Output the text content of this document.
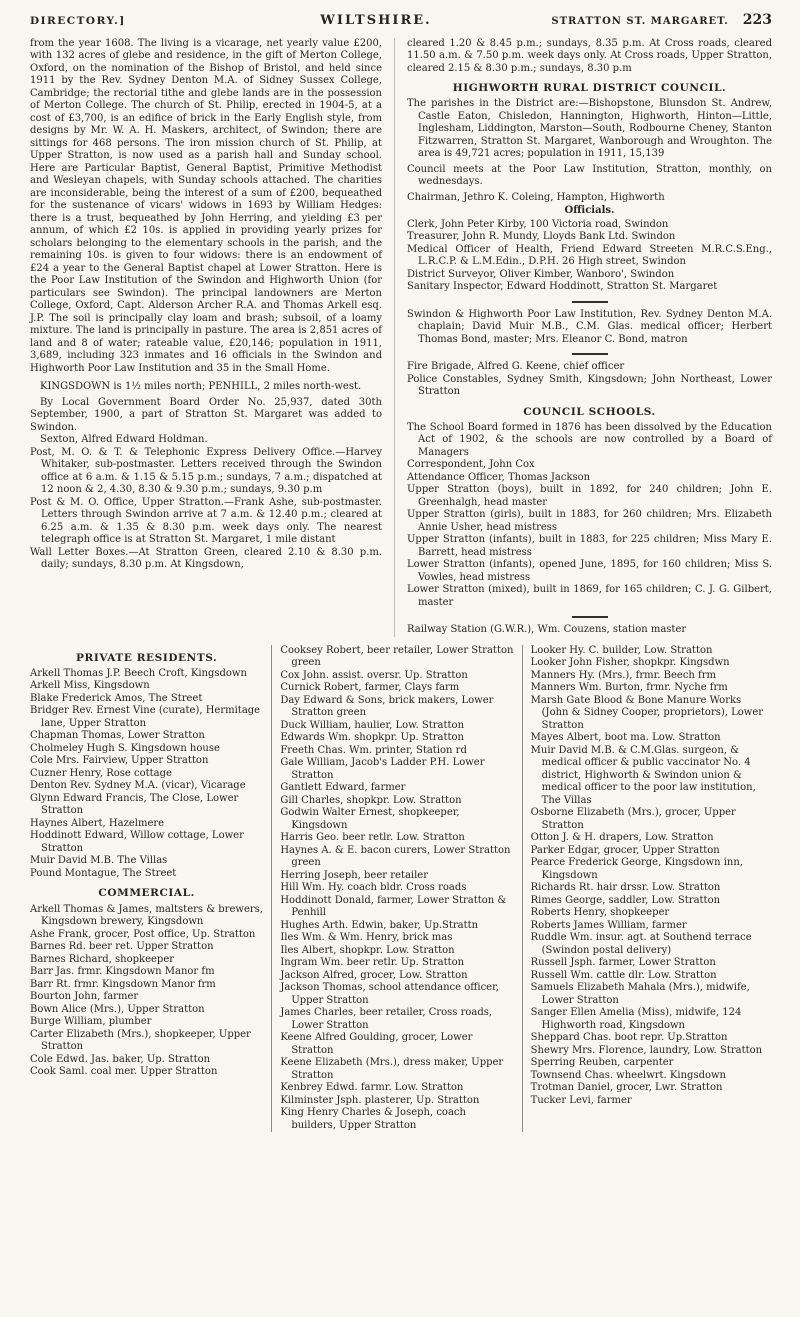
DIRECTORY.]	WILTSHIRE.	STRATTON ST. MARGARET. 223
from the year 1608. The living is a vicarage, net yearly value £200, with 132 acres of glebe and residence, in the gift of Merton College, Oxford, on the nomination of the Bishop of Bristol, and held since 1911 by the Rev. Sydney Denton M.A. of Sidney Sussex College, Cambridge; the rectorial tithe and glebe lands are in the possession of Merton College. The church of St. Philip, erected in 1904-5, at a cost of £3,700, is an edifice of brick in the Early English style, from designs by Mr. W. A. H. Maskers, architect, of Swindon; there are sittings for 468 persons. The iron mission church of St. Philip, at Upper Stratton, is now used as a parish hall and Sunday school. Here are Particular Baptist, General Baptist, Primitive Methodist and Wesleyan chapels, with Sunday schools attached. The charities are inconsiderable, being the interest of a sum of £200, bequeathed for the sustenance of vicars' widows in 1693 by William Hedges: there is a trust, bequeathed by John Herring, and yielding £3 per annum, of which £2 10s. is applied in providing yearly prizes for scholars belonging to the elementary schools in the parish, and the remaining 10s. is given to four widows: there is an endowment of £24 a year to the General Baptist chapel at Lower Stratton. Here is the Poor Law Institution of the Swindon and Highworth Union (for particulars see Swindon). The principal landowners are Merton College, Oxford, Capt. Alderson Archer R.A. and Thomas Arkell esq. J.P. The soil is principally clay loam and brash; subsoil, of a loamy mixture. The land is principally in pasture. The area is 2,851 acres of land and 8 of water; rateable value, £20,146; population in 1911, 3,689, including 323 inmates and 16 officials in the Swindon and Highworth Poor Law Institution and 35 in the Small Home.
KINGSDOWN is 1½ miles north; PENHILL, 2 miles north-west.
By Local Government Board Order No. 25,937, dated 30th September, 1900, a part of Stratton St. Margaret was added to Swindon.
Sexton, Alfred Edward Holdman.
Post, M. O. & T. & Telephonic Express Delivery Office.—Harvey Whitaker, sub-postmaster. Letters received through the Swindon office at 6 a.m. & 1.15 & 5.15 p.m.; sundays, 7 a.m.; dispatched at 12 noon & 2, 4.30, 8.30 & 9.30 p.m.; sundays, 9.30 p.m
Post & M. O. Office, Upper Stratton.—Frank Ashe, sub-postmaster. Letters through Swindon arrive at 7 a.m. & 12.40 p.m.; cleared at 6.25 a.m. & 1.35 & 8.30 p.m. week days only. The nearest telegraph office is at Stratton St. Margaret, 1 mile distant
Wall Letter Boxes.—At Stratton Green, cleared 2.10 & 8.30 p.m. daily; sundays, 8.30 p.m. At Kingsdown,
cleared 1.20 & 8.45 p.m.; sundays, 8.35 p.m. At Cross roads, cleared 11.50 a.m. & 7.50 p.m. week days only. At Cross roads, Upper Stratton, cleared 2.15 & 8.30 p.m.; sundays, 8.30 p.m
HIGHWORTH RURAL DISTRICT COUNCIL.
The parishes in the District are:—Bishopstone, Blunsdon St. Andrew, Castle Eaton, Chisledon, Hannington, Highworth, Hinton—Little, Inglesham, Liddington, Marston—South, Rodbourne Cheney, Stanton Fitzwarren, Stratton St. Margaret, Wanborough and Wroughton. The area is 49,721 acres; population in 1911, 15,139
Council meets at the Poor Law Institution, Stratton, monthly, on wednesdays.
Chairman, Jethro K. Coleing, Hampton, Highworth
Officials.
Clerk, John Peter Kirby, 100 Victoria road, Swindon
Treasurer, John R. Mundy, Lloyds Bank Ltd. Swindon
Medical Officer of Health, Friend Edward Streeten M.R.C.S.Eng., L.R.C.P. & L.M.Edin., D.P.H. 26 High street, Swindon
District Surveyor, Oliver Kimber, Wanboro', Swindon
Sanitary Inspector, Edward Hoddinott, Stratton St. Margaret
Swindon & Highworth Poor Law Institution, Rev. Sydney Denton M.A. chaplain; David Muir M.B., C.M. Glas. medical officer; Herbert Thomas Bond, master; Mrs. Eleanor C. Bond, matron
Fire Brigade, Alfred G. Keene, chief officer
Police Constables, Sydney Smith, Kingsdown; John Northeast, Lower Stratton
COUNCIL SCHOOLS.
The School Board formed in 1876 has been dissolved by the Education Act of 1902, & the schools are now controlled by a Board of Managers
Correspondent, John Cox
Attendance Officer, Thomas Jackson
Upper Stratton (boys), built in 1892, for 240 children; John E. Greenhalgh, head master
Upper Stratton (girls), built in 1883, for 260 children; Mrs. Elizabeth Annie Usher, head mistress
Upper Stratton (infants), built in 1883, for 225 children; Miss Mary E. Barrett, head mistress
Lower Stratton (infants), opened June, 1895, for 160 children; Miss S. Vowles, head mistress
Lower Stratton (mixed), built in 1869, for 165 children; C. J. G. Gilbert, master
Railway Station (G.W.R.), Wm. Couzens, station master
PRIVATE RESIDENTS.
Arkell Thomas J.P. Beech Croft, Kingsdown
Arkell Miss, Kingsdown
Blake Frederick Amos, The Street
Bridger Rev. Ernest Vine (curate), Hermitage lane, Upper Stratton
Chapman Thomas, Lower Stratton
Cholmeley Hugh S. Kingsdown house
Cole Mrs. Fairview, Upper Stratton
Cuzner Henry, Rose cottage
Denton Rev. Sydney M.A. (vicar), Vicarage
Glynn Edward Francis, The Close, Lower Stratton
Haynes Albert, Hazelmere
Hoddinott Edward, Willow cottage, Lower Stratton
Muir David M.B. The Villas
Pound Montague, The Street
COMMERCIAL.
Arkell Thomas & James, maltsters & brewers, Kingsdown brewery, Kingsdown
Ashe Frank, grocer, Post office, Up. Stratton
Barnes Rd. beer ret. Upper Stratton
Barnes Richard, shopkeeper
Barr Jas. frmr. Kingsdown Manor fm
Barr Rt. frmr. Kingsdown Manor frm
Bourton John, farmer
Bown Alice (Mrs.), Upper Stratton
Burge William, plumber
Carter Elizabeth (Mrs.), shopkeeper, Upper Stratton
Cole Edwd. Jas. baker, Up. Stratton
Cook Saml. coal mer. Upper Stratton
Cooksey Robert, beer retailer, Lower Stratton green
Cox John. assist. oversr. Up. Stratton
Curnick Robert, farmer, Clays farm
Day Edward & Sons, brick makers, Lower Stratton green
Duck William, haulier, Low. Stratton
Edwards Wm. shopkpr. Up. Stratton
Freeth Chas. Wm. printer, Station rd
Gale William, Jacob's Ladder P.H. Lower Stratton
Gantlett Edward, farmer
Gill Charles, shopkpr. Low. Stratton
Godwin Walter Ernest, shopkeeper, Kingsdown
Harris Geo. beer retlr. Low. Stratton
Haynes A. & E. bacon curers, Lower Stratton green
Herring Joseph, beer retailer
Hill Wm. Hy. coach bldr. Cross roads
Hoddinott Donald, farmer, Lower Stratton & Penhill
Hughes Arth. Edwin, baker, Up.Strattn
Iles Wm. & Wm. Henry, brick mas
Iles Albert, shopkpr. Low. Stratton
Ingram Wm. beer retlr. Up. Stratton
Jackson Alfred, grocer, Low. Stratton
Jackson Thomas, school attendance officer, Upper Stratton
James Charles, beer retailer, Cross roads, Lower Stratton
Keene Alfred Goulding, grocer, Lower Stratton
Keene Elizabeth (Mrs.), dress maker, Upper Stratton
Kenbrey Edwd. farmr. Low. Stratton
Kilminster Jsph. plasterer, Up. Stratton
King Henry Charles & Joseph, coach builders, Upper Stratton
Looker Hy. C. builder, Low. Stratton
Looker John Fisher, shopkpr. Kingsdwn
Manners Hy. (Mrs.), frmr. Beech frm
Manners Wm. Burton, frmr. Nyche frm
Marsh Gate Blood & Bone Manure Works (John & Sidney Cooper, proprietors), Lower Stratton
Mayes Albert, boot ma. Low. Stratton
Muir David M.B. & C.M.Glas. surgeon, & medical officer & public vaccinator No. 4 district, Highworth & Swindon union & medical officer to the poor law institution, The Villas
Osborne Elizabeth (Mrs.), grocer, Upper Stratton
Otton J. & H. drapers, Low. Stratton
Parker Edgar, grocer, Upper Stratton
Pearce Frederick George, Kingsdown inn, Kingsdown
Richards Rt. hair drssr. Low. Stratton
Rimes George, saddler, Low. Stratton
Roberts Henry, shopkeeper
Roberts James William, farmer
Ruddle Wm. insur. agt. at Southend terrace (Swindon postal delivery)
Russell Jsph. farmer, Lower Stratton
Russell Wm. cattle dlr. Low. Stratton
Samuels Elizabeth Mahala (Mrs.), midwife, Lower Stratton
Sanger Ellen Amelia (Miss), midwife, 124 Highworth road, Kingsdown
Sheppard Chas. boot repr. Up.Stratton
Shewry Mrs. Florence, laundry, Low. Stratton
Sperring Reuben, carpenter
Townsend Chas. wheelwrt. Kingsdown
Trotman Daniel, grocer, Lwr. Stratton
Tucker Levi, farmer
